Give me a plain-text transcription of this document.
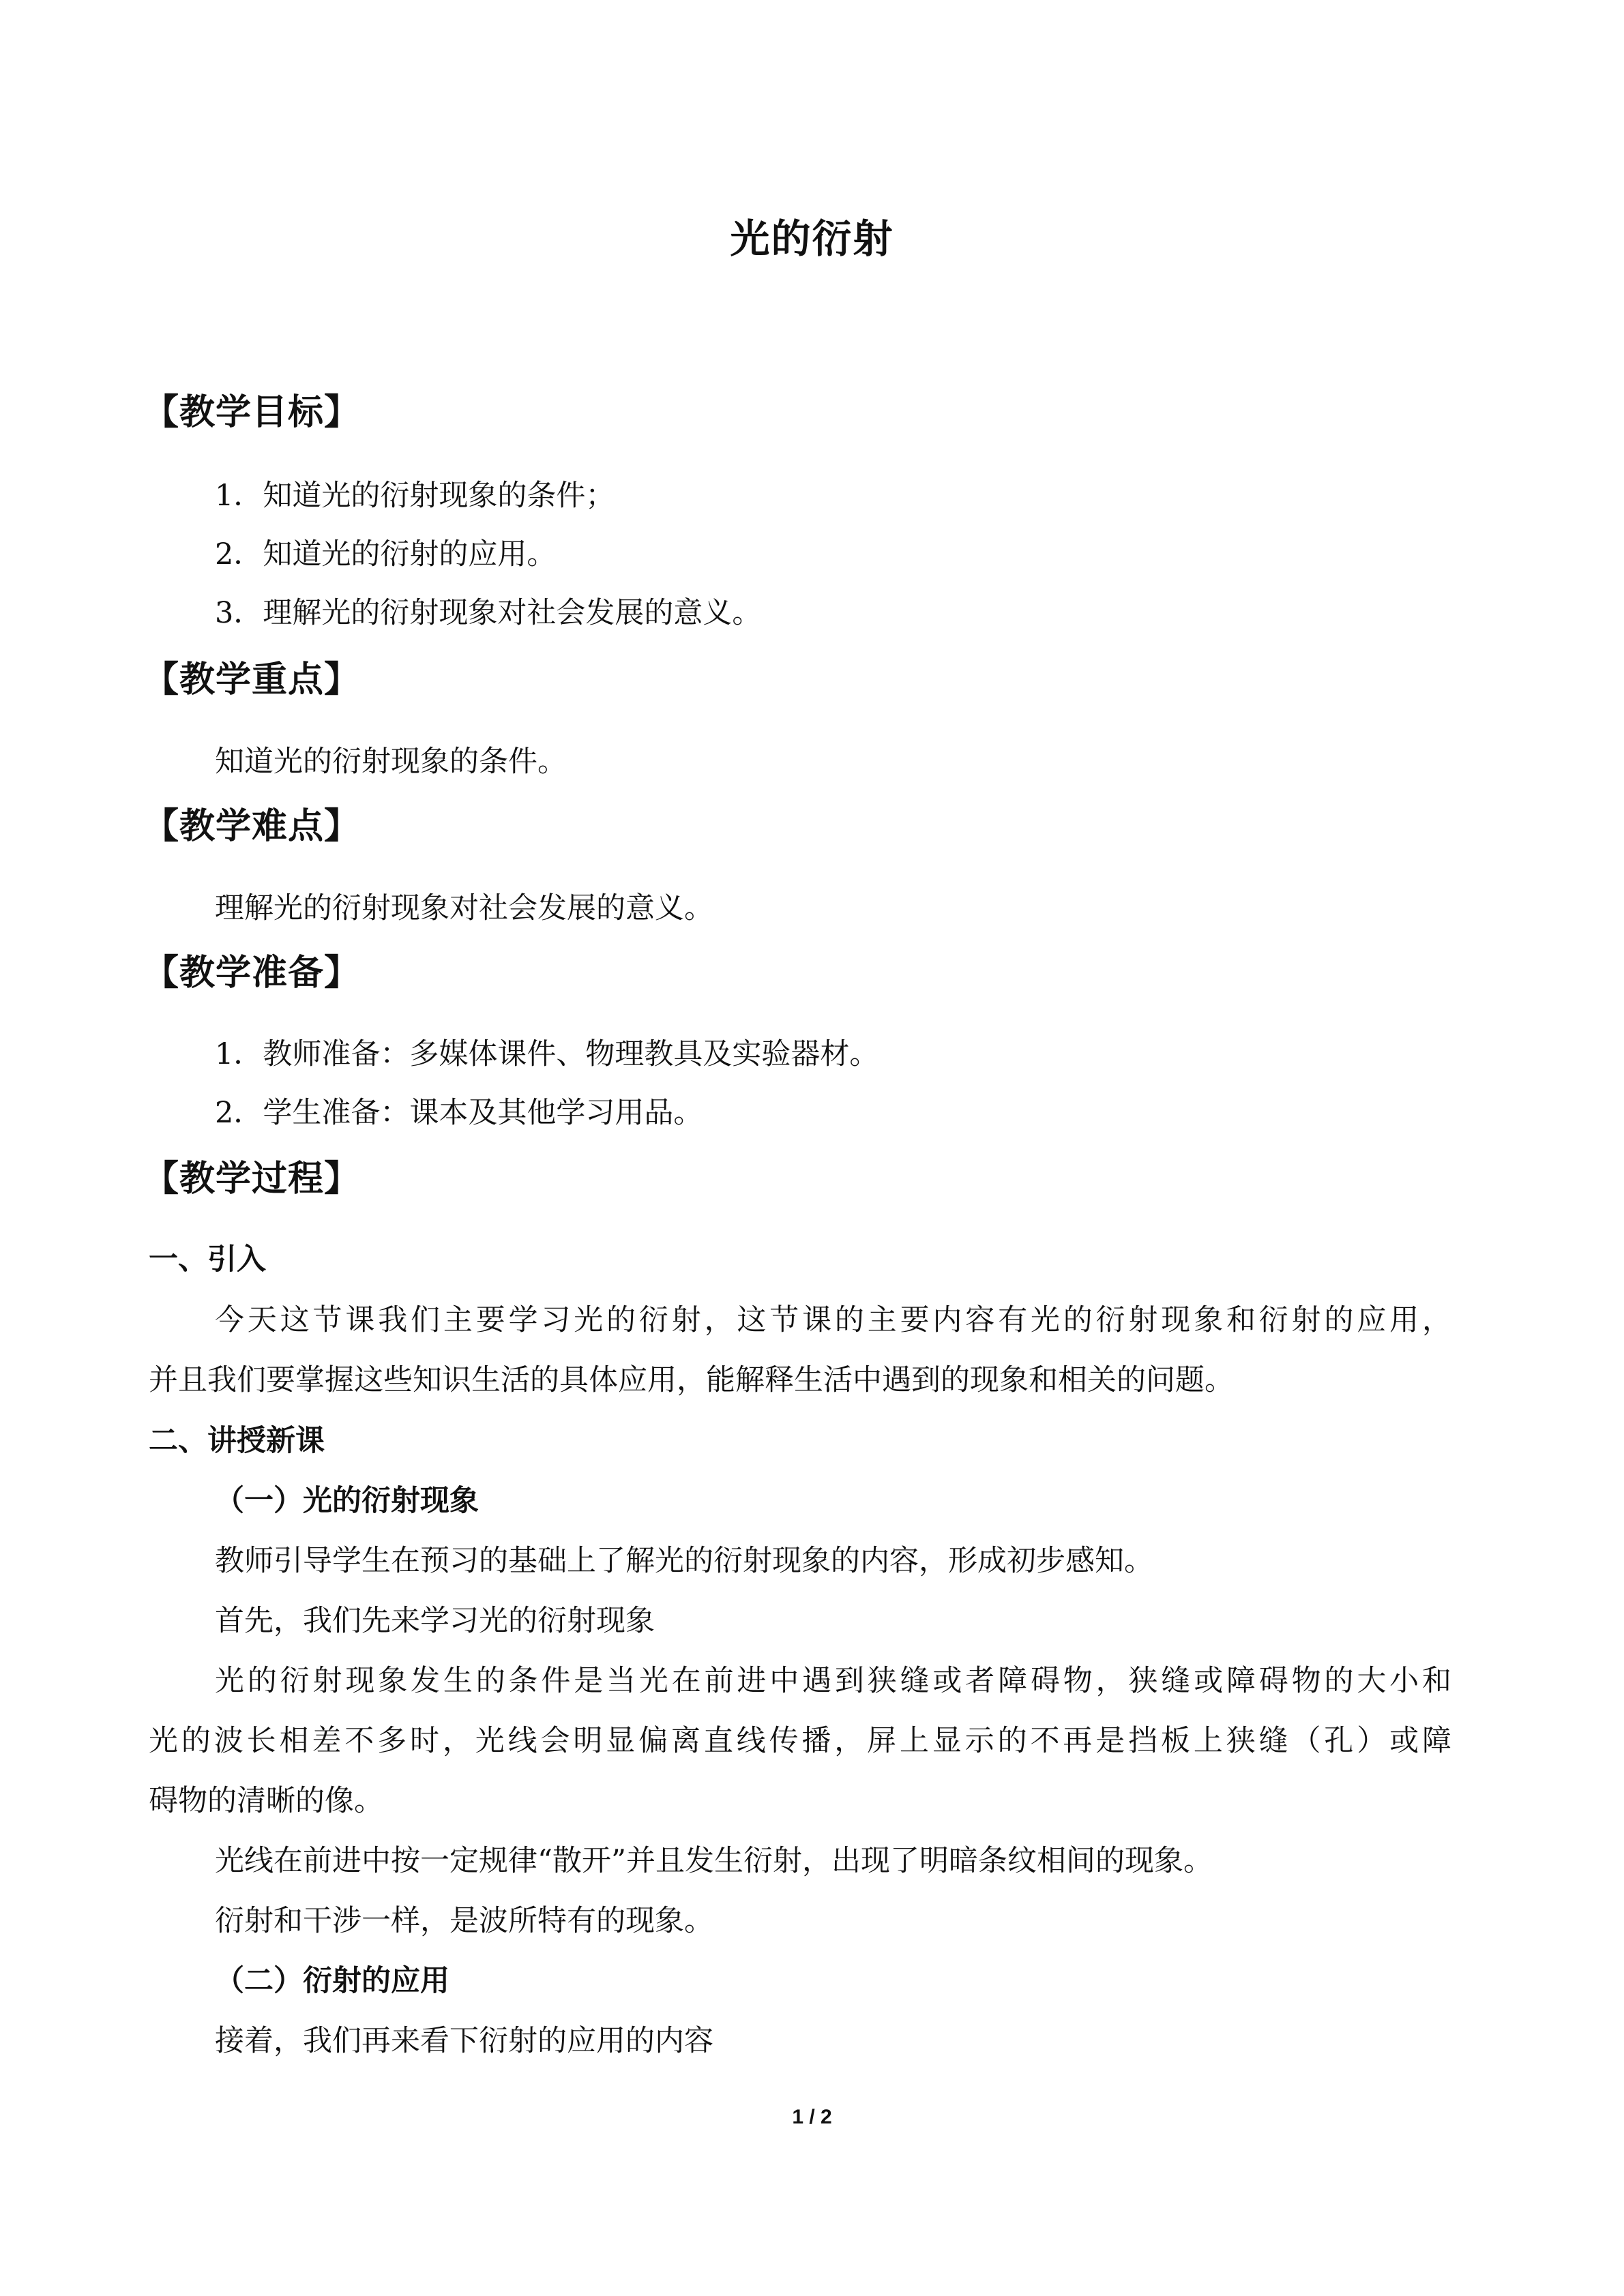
光的衍射
【教学目标】
1．知道光的衍射现象的条件；
2．知道光的衍射的应用。
3．理解光的衍射现象对社会发展的意义。
【教学重点】
知道光的衍射现象的条件。
【教学难点】
理解光的衍射现象对社会发展的意义。
【教学准备】
1．教师准备：多媒体课件、物理教具及实验器材。
2．学生准备：课本及其他学习用品。
【教学过程】
一、引入
今天这节课我们主要学习光的衍射，这节课的主要内容有光的衍射现象和衍射的应用，
并且我们要掌握这些知识生活的具体应用，能解释生活中遇到的现象和相关的问题。
二、讲授新课
（一）光的衍射现象
教师引导学生在预习的基础上了解光的衍射现象的内容，形成初步感知。
首先，我们先来学习光的衍射现象
光的衍射现象发生的条件是当光在前进中遇到狭缝或者障碍物，狭缝或障碍物的大小和
光的波长相差不多时，光线会明显偏离直线传播，屏上显示的不再是挡板上狭缝（孔）或障
碍物的清晰的像。
光线在前进中按一定规律“散开”并且发生衍射，出现了明暗条纹相间的现象。
衍射和干涉一样，是波所特有的现象。
（二）衍射的应用
接着，我们再来看下衍射的应用的内容
1 / 2
